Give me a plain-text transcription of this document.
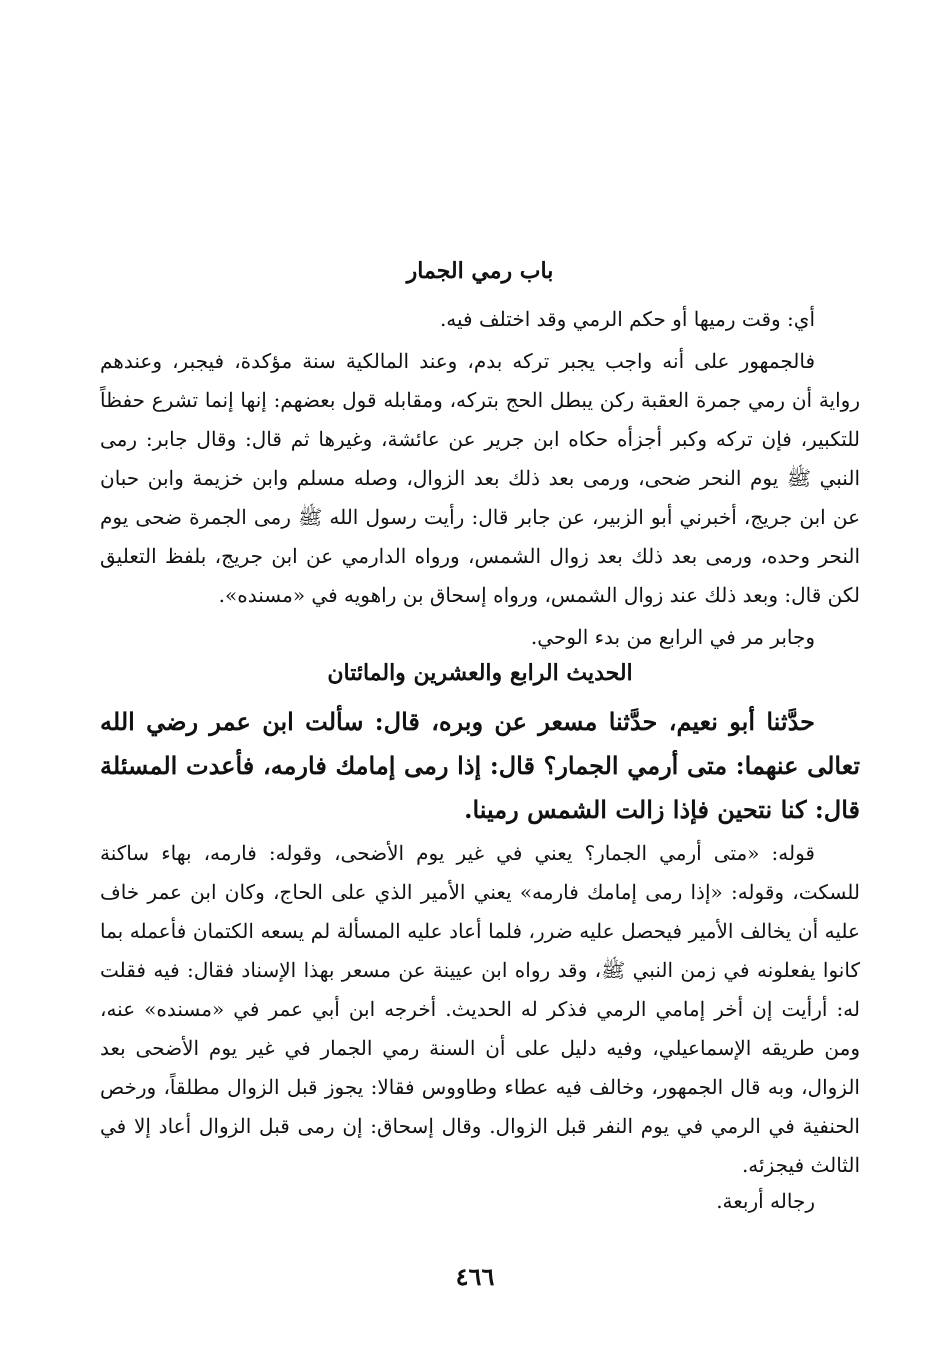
باب رمي الجمار
أي: وقت رميها أو حكم الرمي وقد اختلف فيه.
فالجمهور على أنه واجب يجبر تركه بدم، وعند المالكية سنة مؤكدة، فيجبر، وعندهم رواية أن رمي جمرة العقبة ركن يبطل الحج بتركه، ومقابله قول بعضهم: إنها إنما تشرع حفظاً للتكبير، فإن تركه وكبر أجزأه حكاه ابن جرير عن عائشة، وغيرها ثم قال: وقال جابر: رمى النبي ﷺ يوم النحر ضحى، ورمى بعد ذلك بعد الزوال، وصله مسلم وابن خزيمة وابن حبان عن ابن جريج، أخبرني أبو الزبير، عن جابر قال: رأيت رسول الله ﷺ رمى الجمرة ضحى يوم النحر وحده، ورمى بعد ذلك بعد زوال الشمس، ورواه الدارمي عن ابن جريج، بلفظ التعليق لكن قال: وبعد ذلك عند زوال الشمس، ورواه إسحاق بن راهويه في «مسنده».
وجابر مر في الرابع من بدء الوحي.
الحديث الرابع والعشرين والمائتان
حدَّثنا أبو نعيم، حدَّثنا مسعر عن وبره، قال: سألت ابن عمر رضي الله تعالى عنهما: متى أرمي الجمار؟ قال: إذا رمى إمامك فارمه، فأعدت المسئلة قال: كنا نتحين فإذا زالت الشمس رمينا.
قوله: «متى أرمي الجمار؟ يعني في غير يوم الأضحى، وقوله: فارمه، بهاء ساكنة للسكت، وقوله: «إذا رمى إمامك فارمه» يعني الأمير الذي على الحاج، وكان ابن عمر خاف عليه أن يخالف الأمير فيحصل عليه ضرر، فلما أعاد عليه المسألة لم يسعه الكتمان فأعمله بما كانوا يفعلونه في زمن النبي ﷺ، وقد رواه ابن عيينة عن مسعر بهذا الإسناد فقال: فيه فقلت له: أرأيت إن أخر إمامي الرمي فذكر له الحديث. أخرجه ابن أبي عمر في «مسنده» عنه، ومن طريقه الإسماعيلي، وفيه دليل على أن السنة رمي الجمار في غير يوم الأضحى بعد الزوال، وبه قال الجمهور، وخالف فيه عطاء وطاووس فقالا: يجوز قبل الزوال مطلقاً، ورخص الحنفية في الرمي في يوم النفر قبل الزوال. وقال إسحاق: إن رمى قبل الزوال أعاد إلا في الثالث فيجزئه.
رجاله أربعة.
٤٦٦
